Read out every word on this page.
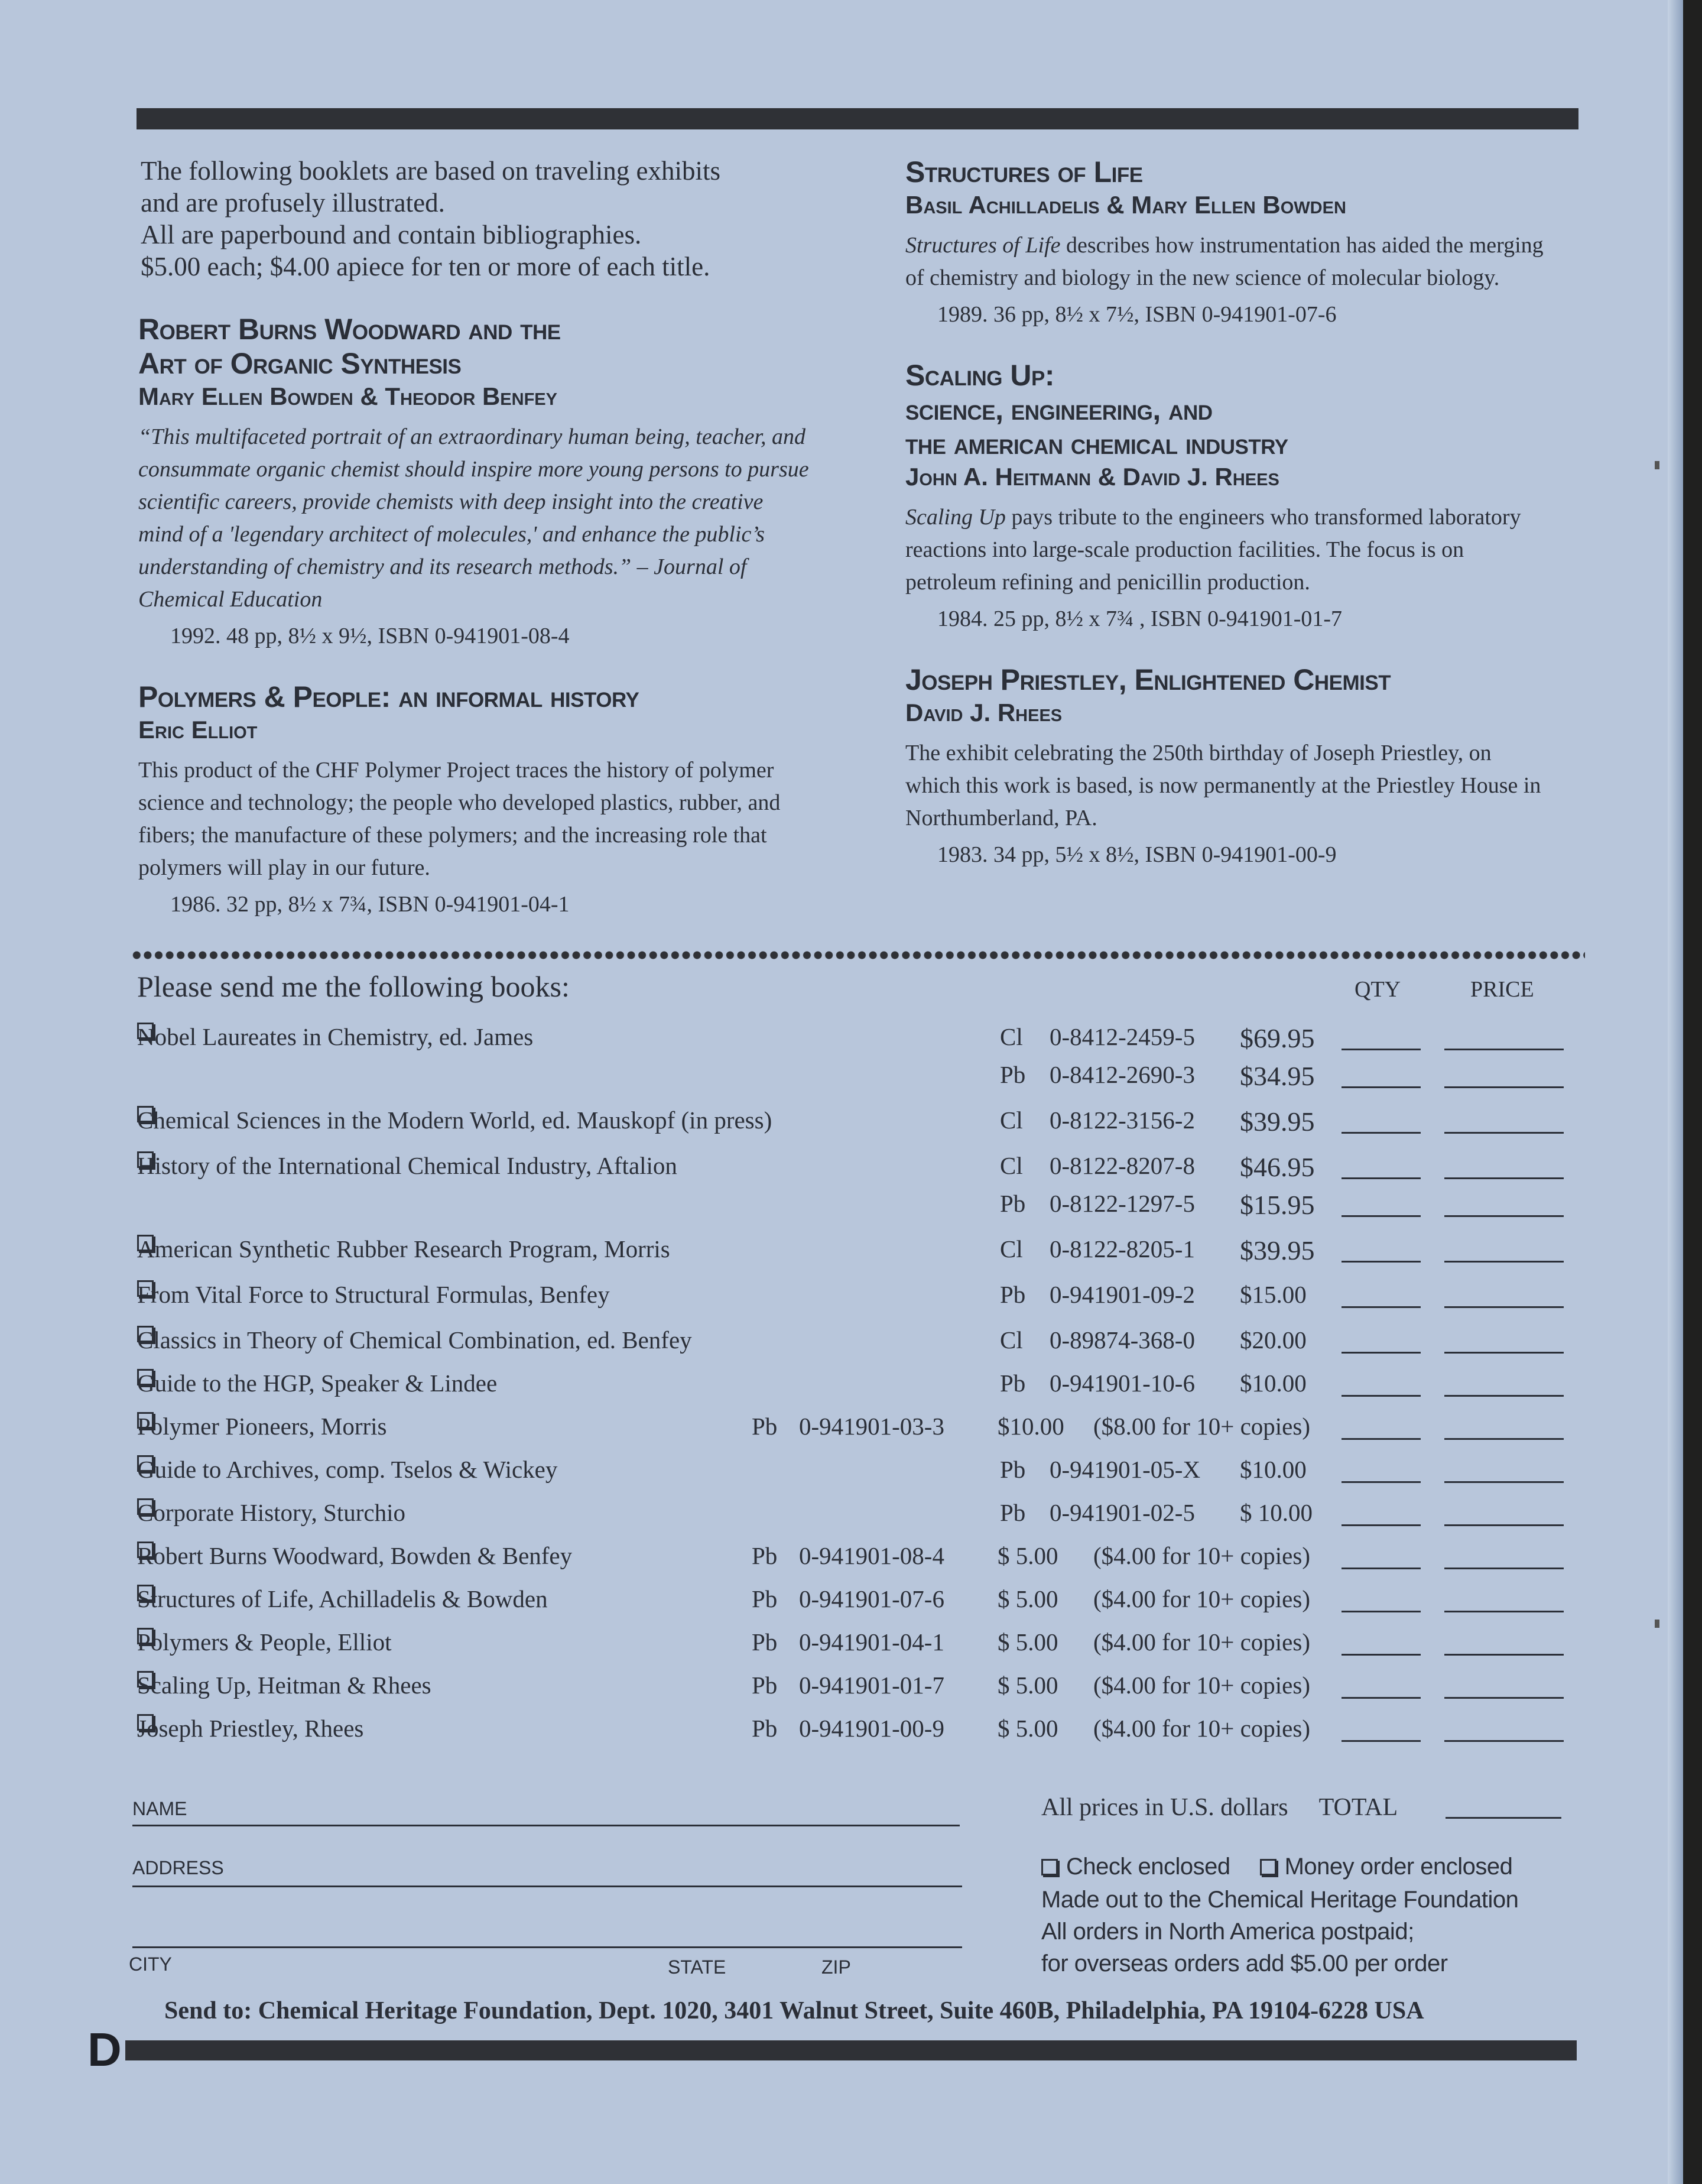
The following booklets are based on traveling exhibits
and are profusely illustrated.
All are paperbound and contain bibliographies.
$5.00 each; $4.00 apiece for ten or more of each title.
Robert Burns Woodward and the
Art of Organic Synthesis
Mary Ellen Bowden & Theodor Benfey
“This multifaceted portrait of an extraordinary human being, teacher, and consummate organic chemist should inspire more young persons to pursue scientific careers, provide chemists with deep insight into the creative mind of a 'legendary architect of molecules,' and enhance the public’s understanding of chemistry and its research methods.” – Journal of Chemical Education
1992. 48 pp, 8½ x 9½, ISBN 0-941901-08-4
Polymers & People: an informal history
Eric Elliot
This product of the CHF Polymer Project traces the history of polymer science and technology; the people who developed plastics, rubber, and fibers; the manufacture of these polymers; and the increasing role that polymers will play in our future.
1986. 32 pp, 8½ x 7¾, ISBN 0-941901-04-1
Structures of Life
Basil Achilladelis & Mary Ellen Bowden
Structures of Life describes how instrumentation has aided the merging of chemistry and biology in the new science of molecular biology.
1989. 36 pp, 8½ x 7½, ISBN 0-941901-07-6
Scaling Up:
science, engineering, and
the american chemical industry
John A. Heitmann & David J. Rhees
Scaling Up pays tribute to the engineers who transformed laboratory reactions into large-scale production facilities. The focus is on petroleum refining and penicillin production.
1984. 25 pp, 8½ x 7¾ , ISBN 0-941901-01-7
Joseph Priestley, Enlightened Chemist
David J. Rhees
The exhibit celebrating the 250th birthday of Joseph Priestley, on which this work is based, is now permanently at the Priestley House in Northumberland, PA.
1983. 34 pp, 5½ x 8½, ISBN 0-941901-00-9
Please send me the following books:	QTY	PRICE
Nobel Laureates in Chemistry, ed. James	Cl 0-8412-2459-5 $69.95
Pb 0-8412-2690-3 $34.95
Chemical Sciences in the Modern World, ed. Mauskopf (in press)	Cl 0-8122-3156-2 $39.95
History of the International Chemical Industry, Aftalion	Cl 0-8122-8207-8 $46.95
Pb 0-8122-1297-5 $15.95
American Synthetic Rubber Research Program, Morris	Cl 0-8122-8205-1 $39.95
From Vital Force to Structural Formulas, Benfey	Pb 0-941901-09-2 $15.00
Classics in Theory of Chemical Combination, ed. Benfey	Cl 0-89874-368-0 $20.00
Guide to the HGP, Speaker & Lindee	Pb 0-941901-10-6 $10.00
Polymer Pioneers, Morris	Pb 0-941901-03-3 $10.00 ($8.00 for 10+ copies)
Guide to Archives, comp. Tselos & Wickey	Pb 0-941901-05-X $10.00
Corporate History, Sturchio	Pb 0-941901-02-5 $ 10.00
Robert Burns Woodward, Bowden & Benfey	Pb 0-941901-08-4 $ 5.00 ($4.00 for 10+ copies)
Structures of Life, Achilladelis & Bowden	Pb 0-941901-07-6 $ 5.00 ($4.00 for 10+ copies)
Polymers & People, Elliot	Pb 0-941901-04-1 $ 5.00 ($4.00 for 10+ copies)
Scaling Up, Heitman & Rhees	Pb 0-941901-01-7 $ 5.00 ($4.00 for 10+ copies)
Joseph Priestley, Rhees	Pb 0-941901-00-9 $ 5.00 ($4.00 for 10+ copies)
NAME
ADDRESS
CITY	STATE	ZIP
All prices in U.S. dollars TOTAL
Check enclosed Money order enclosed
Made out to the Chemical Heritage Foundation
All orders in North America postpaid;
for overseas orders add $5.00 per order
Send to: Chemical Heritage Foundation, Dept. 1020, 3401 Walnut Street, Suite 460B, Philadelphia, PA 19104-6228 USA
D
